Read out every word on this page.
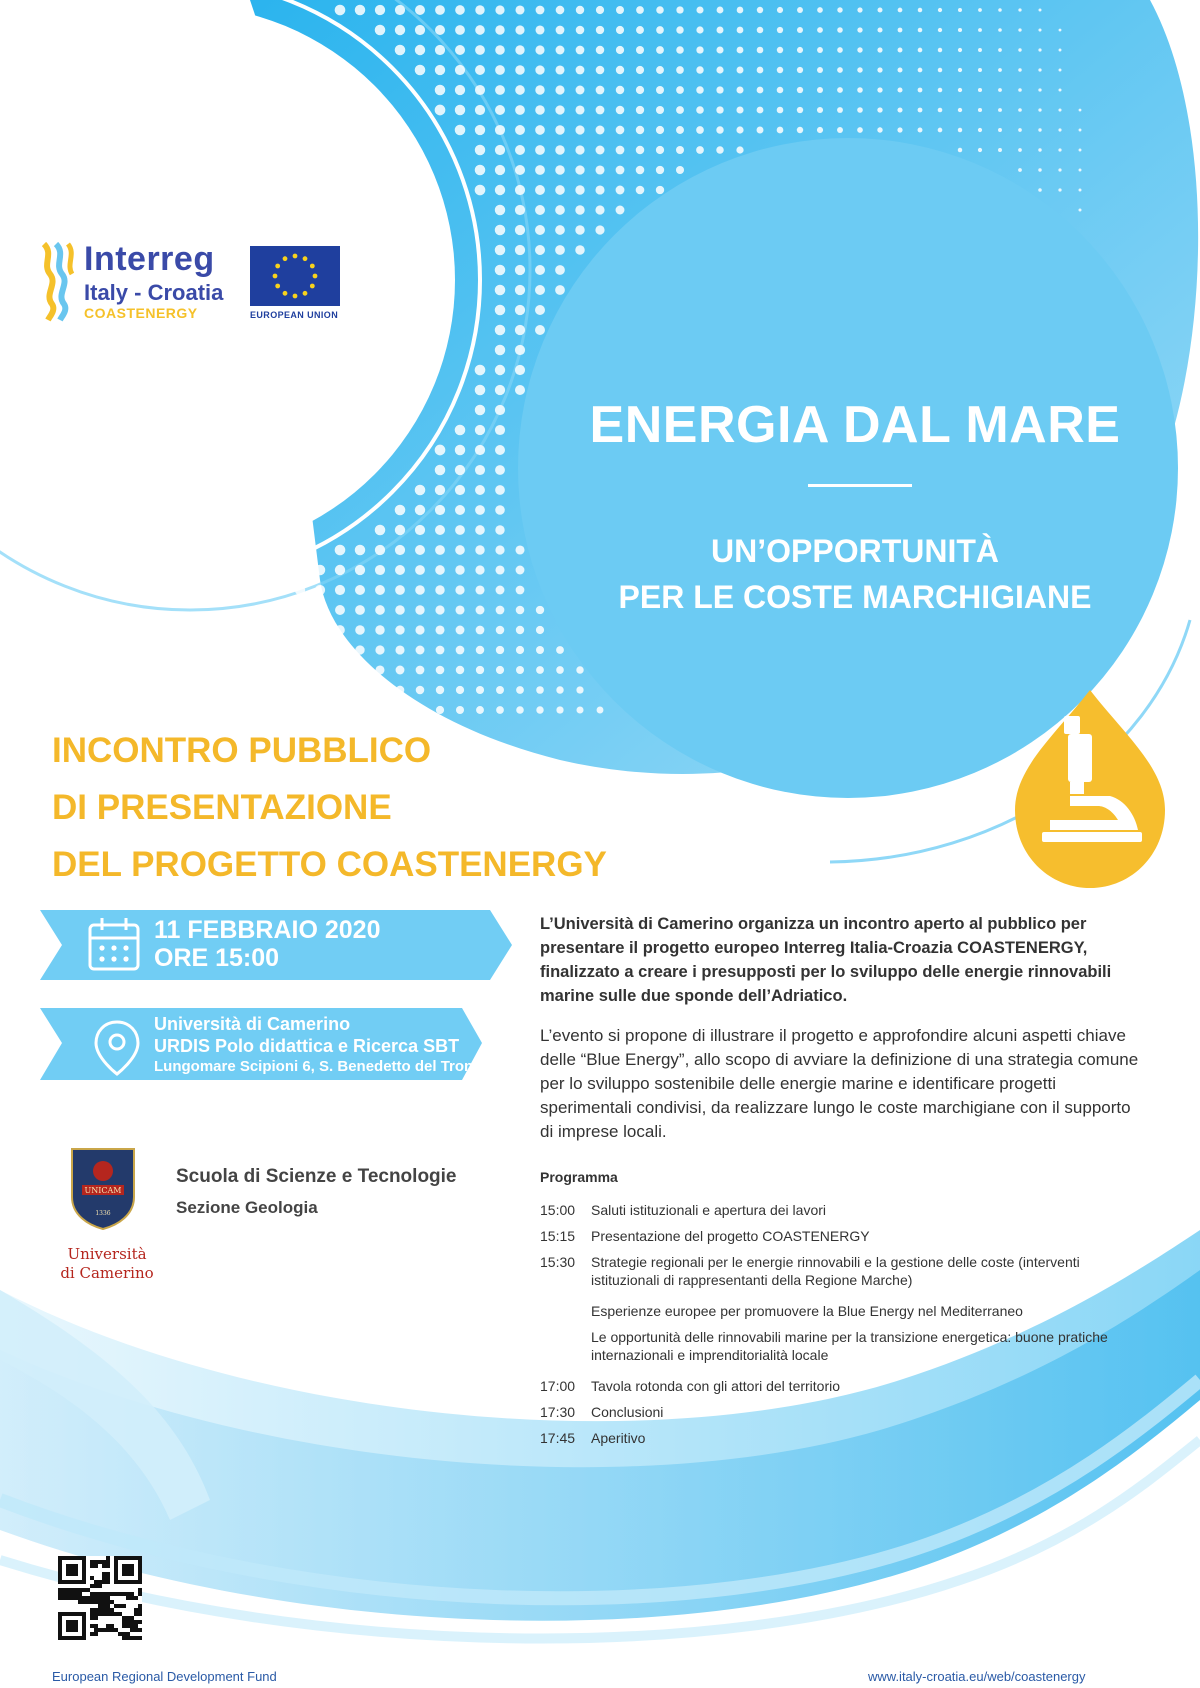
Interreg
Italy - Croatia
COASTENERGY	EUROPEAN UNION
ENERGIA DAL MARE
UN’OPPORTUNITÀ
PER LE COSTE MARCHIGIANE
INCONTRO PUBBLICO
DI PRESENTAZIONE
DEL PROGETTO COASTENERGY
11 FEBBRAIO 2020
ORE 15:00
Università di Camerino
URDIS Polo didattica e Ricerca SBT
Lungomare Scipioni 6, S. Benedetto del Tronto
UNICAM
1336
Università
di Camerino
Scuola di Scienze e Tecnologie
Sezione Geologia
L’Università di Camerino organizza un incontro aperto al pubblico per presentare il progetto europeo Interreg Italia-Croazia COASTENERGY, finalizzato a creare i presupposti per lo sviluppo delle energie rinnovabili marine sulle due sponde dell’Adriatico.
L’evento si propone di illustrare il progetto e approfondire alcuni aspetti chiave delle “Blue Energy”, allo scopo di avviare la definizione di una strategia comune per lo sviluppo sostenibile delle energie marine e identificare progetti sperimentali condivisi, da realizzare lungo le coste marchigiane con il supporto di imprese locali.
Programma
15:00 Saluti istituzionali e apertura dei lavori
15:15 Presentazione del progetto COASTENERGY
15:30 Strategie regionali per le energie rinnovabili e la gestione delle coste (interventi istituzionali di rappresentanti della Regione Marche)
Esperienze europee per promuovere la Blue Energy nel Mediterraneo
Le opportunità delle rinnovabili marine per la transizione energetica: buone pratiche internazionali e imprenditorialità locale
17:00 Tavola rotonda con gli attori del territorio
17:30 Conclusioni
17:45 Aperitivo
European Regional Development Fund	www.italy-croatia.eu/web/coastenergy
